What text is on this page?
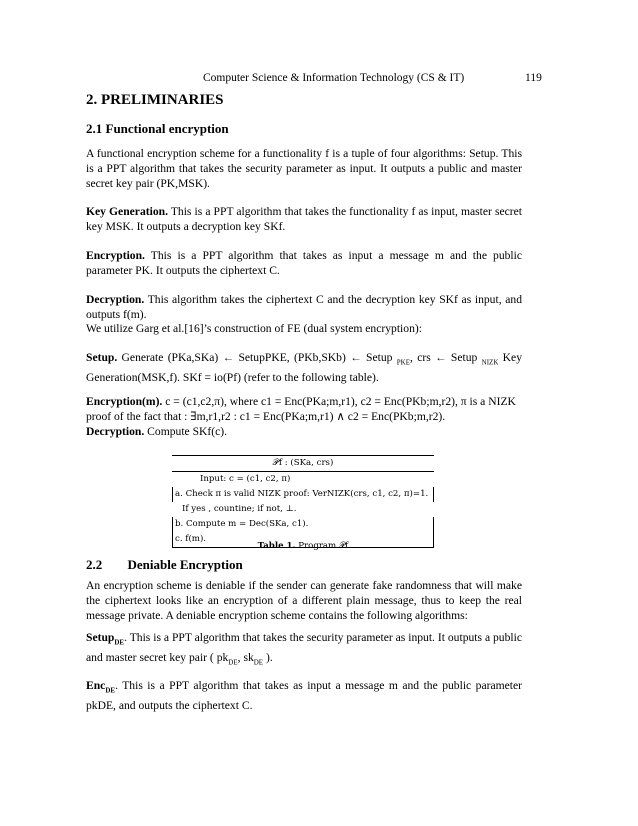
Computer Science & Information Technology (CS & IT)	119
2. PRELIMINARIES
2.1 Functional encryption
A functional encryption scheme for a functionality f is a tuple of four algorithms: Setup. This is a PPT algorithm that takes the security parameter as input. It outputs a public and master secret key pair (PK,MSK).
Key Generation. This is a PPT algorithm that takes the functionality f as input, master secret key MSK. It outputs a decryption key SKf.
Encryption. This is a PPT algorithm that takes as input a message m and the public parameter PK. It outputs the ciphertext C.
Decryption. This algorithm takes the ciphertext C and the decryption key SKf as input, and outputs f(m).
We utilize Garg et al.[16]’s construction of FE (dual system encryption):
Setup. Generate (PKa,SKa) ← SetupPKE, (PKb,SKb) ← Setup $_{PKE}$, crs ← Setup $_{NIZK}$ Key Generation(MSK,f). SKf = io(Pf) (refer to the following table).
Encryption(m). c = (c1,c2,π), where c1 = Enc(PKa;m,r1), c2 = Enc(PKb;m,r2), π is a NIZK
proof of the fact that : ∃m,r1,r2 : c1 = Enc(PKa;m,r1) ∧ c2 = Enc(PKb;m,r2).
Decryption. Compute SKf(c).
𝒫f : (SKa, crs)
Input: c = (c1, c2, π)
a. Check π is valid NIZK proof: VerNIZK(crs, c1, c2, π)=1.
If yes , countine; if not, ⊥.
b. Compute m = Dec(SKa, c1).
c. f(m).
Table 1. Program 𝒫f
2.2 Deniable Encryption
An encryption scheme is deniable if the sender can generate fake randomness that will make the ciphertext looks like an encryption of a different plain message, thus to keep the real message private. A deniable encryption scheme contains the following algorithms:
Setup$_{DE}$. This is a PPT algorithm that takes the security parameter as input. It outputs a public and master secret key pair ( $pk_{DE}$, $sk_{DE}$ ).
Enc$_{DE}$. This is a PPT algorithm that takes as input a message m and the public parameter pkDE, and outputs the ciphertext C.
